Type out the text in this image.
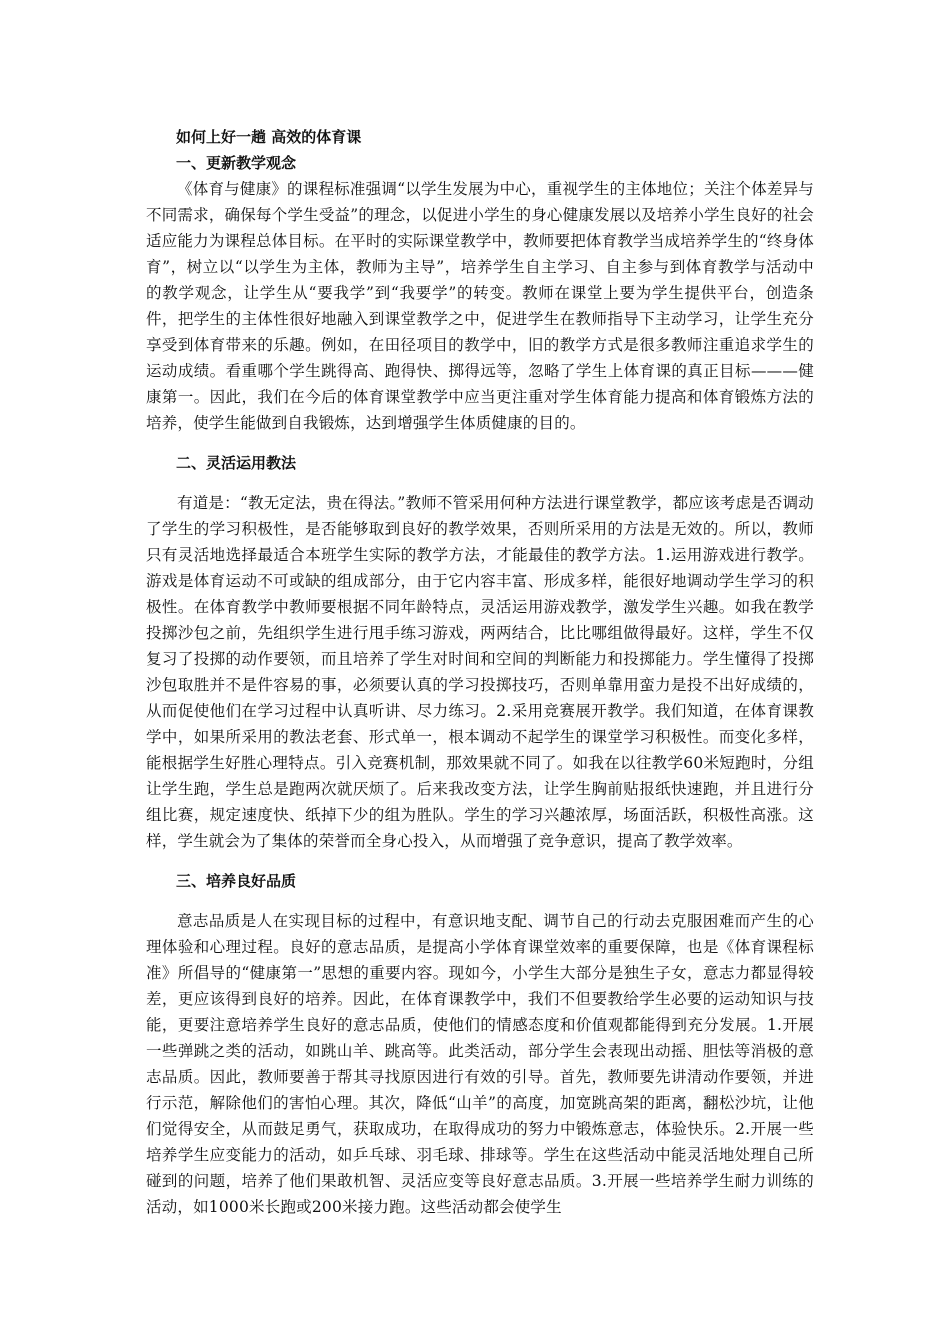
如何上好一趟 高效的体育课
一、更新教学观念

《体育与健康》的课程标准强调“以学生发展为中心，重视学生的主体地位；关注个体差异与不同需求，确保每个学生受益”的理念，以促进小学生的身心健康发展以及培养小学生良好的社会适应能力为课程总体目标。在平时的实际课堂教学中，教师要把体育教学当成培养学生的“终身体育”，树立以“以学生为主体，教师为主导”，培养学生自主学习、自主参与到体育教学与活动中的教学观念，让学生从“要我学”到“我要学”的转变。教师在课堂上要为学生提供平台，创造条件，把学生的主体性很好地融入到课堂教学之中，促进学生在教师指导下主动学习，让学生充分享受到体育带来的乐趣。例如，在田径项目的教学中，旧的教学方式是很多教师注重追求学生的运动成绩。看重哪个学生跳得高、跑得快、掷得远等，忽略了学生上体育课的真正目标———健康第一。因此，我们在今后的体育课堂教学中应当更注重对学生体育能力提高和体育锻炼方法的培养，使学生能做到自我锻炼，达到增强学生体质健康的目的。

二、灵活运用教法

有道是：“教无定法，贵在得法。”教师不管采用何种方法进行课堂教学，都应该考虑是否调动了学生的学习积极性，是否能够取到良好的教学效果，否则所采用的方法是无效的。所以，教师只有灵活地选择最适合本班学生实际的教学方法，才能最佳的教学方法。1.运用游戏进行教学。游戏是体育运动不可或缺的组成部分，由于它内容丰富、形成多样，能很好地调动学生学习的积极性。在体育教学中教师要根据不同年龄特点，灵活运用游戏教学，激发学生兴趣。如我在教学投掷沙包之前，先组织学生进行甩手练习游戏，两两结合，比比哪组做得最好。这样，学生不仅复习了投掷的动作要领，而且培养了学生对时间和空间的判断能力和投掷能力。学生懂得了投掷沙包取胜并不是件容易的事，必须要认真的学习投掷技巧，否则单靠用蛮力是投不出好成绩的，从而促使他们在学习过程中认真听讲、尽力练习。2.采用竞赛展开教学。我们知道，在体育课教学中，如果所采用的教法老套、形式单一，根本调动不起学生的课堂学习积极性。而变化多样，能根据学生好胜心理特点。引入竞赛机制，那效果就不同了。如我在以往教学60米短跑时，分组让学生跑，学生总是跑两次就厌烦了。后来我改变方法，让学生胸前贴报纸快速跑，并且进行分组比赛，规定速度快、纸掉下少的组为胜队。学生的学习兴趣浓厚，场面活跃，积极性高涨。这样，学生就会为了集体的荣誉而全身心投入，从而增强了竞争意识，提高了教学效率。

三、培养良好品质

意志品质是人在实现目标的过程中，有意识地支配、调节自己的行动去克服困难而产生的心理体验和心理过程。良好的意志品质，是提高小学体育课堂效率的重要保障，也是《体育课程标准》所倡导的“健康第一”思想的重要内容。现如今，小学生大部分是独生子女，意志力都显得较差，更应该得到良好的培养。因此，在体育课教学中，我们不但要教给学生必要的运动知识与技能，更要注意培养学生良好的意志品质，使他们的情感态度和价值观都能得到充分发展。1.开展一些弹跳之类的活动，如跳山羊、跳高等。此类活动，部分学生会表现出动摇、胆怯等消极的意志品质。因此，教师要善于帮其寻找原因进行有效的引导。首先，教师要先讲清动作要领，并进行示范，解除他们的害怕心理。其次，降低“山羊”的高度，加宽跳高架的距离，翻松沙坑，让他们觉得安全，从而鼓足勇气，获取成功，在取得成功的努力中锻炼意志，体验快乐。2.开展一些培养学生应变能力的活动，如乒乓球、羽毛球、排球等。学生在这些活动中能灵活地处理自己所碰到的问题，培养了他们果敢机智、灵活应变等良好意志品质。3.开展一些培养学生耐力训练的活动，如1000米长跑或200米接力跑。这些活动都会使学生
